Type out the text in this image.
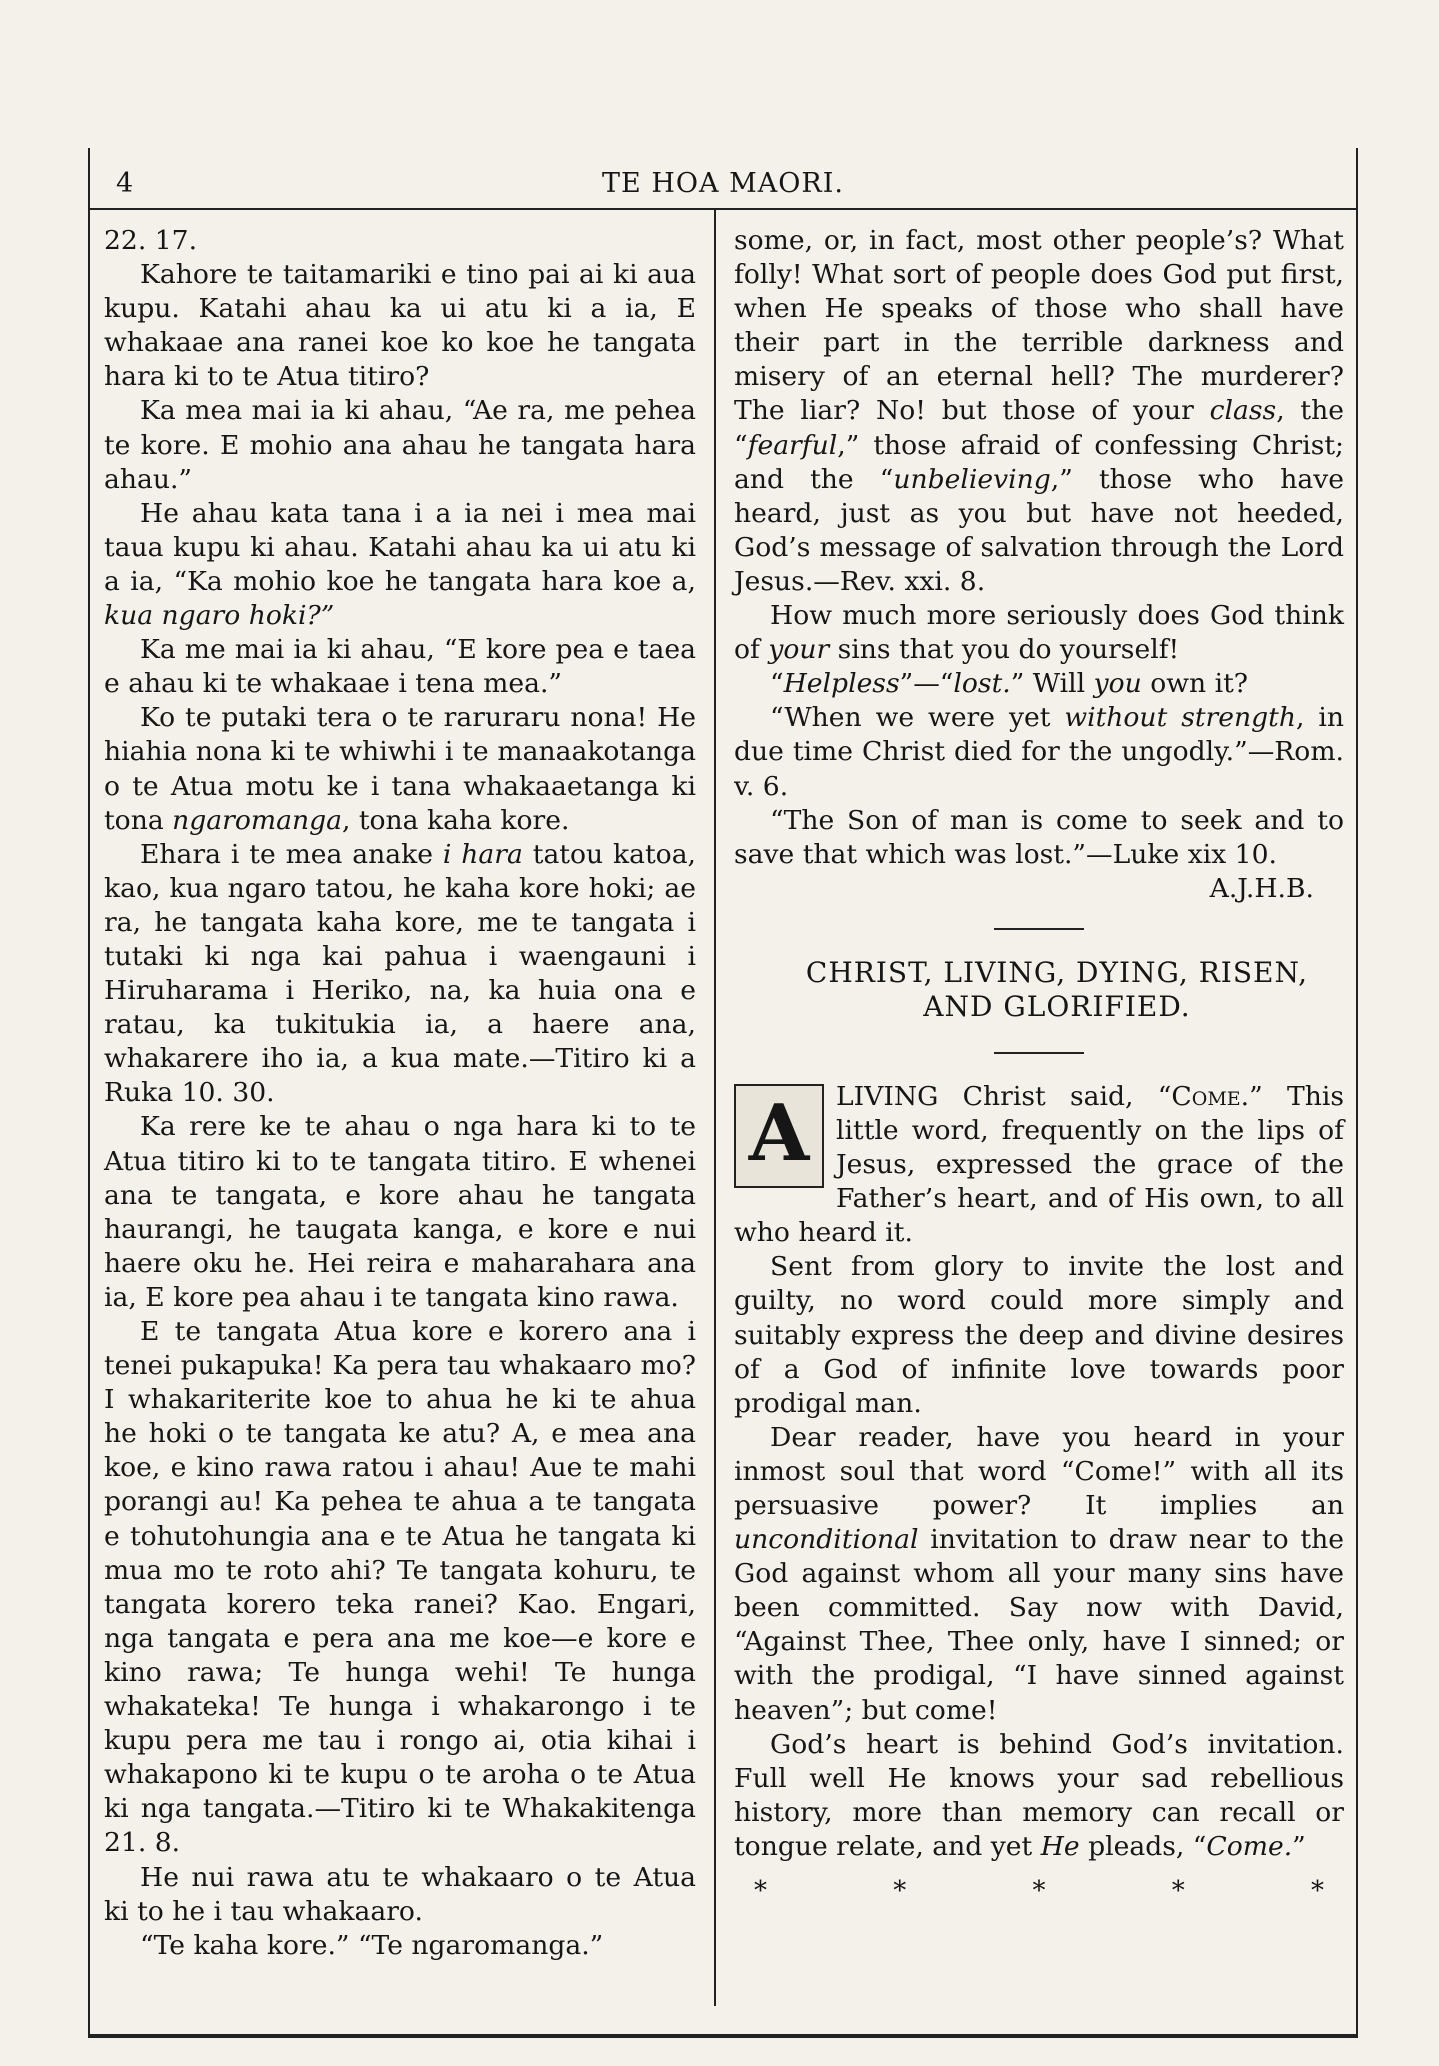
4	TE HOA MAORI.

22. 17.

Kahore te taitamariki e tino pai ai ki aua kupu. Katahi ahau ka ui atu ki a ia, E whakaae ana ranei koe ko koe he tangata hara ki to te Atua titiro?

Ka mea mai ia ki ahau, “Ae ra, me pehea te kore. E mohio ana ahau he tangata hara ahau.”

He ahau kata tana i a ia nei i mea mai taua kupu ki ahau. Katahi ahau ka ui atu ki a ia, “Ka mohio koe he tangata hara koe a, kua ngaro hoki?”

Ka me mai ia ki ahau, “E kore pea e taea e ahau ki te whakaae i tena mea.”

Ko te putaki tera o te raruraru nona! He hiahia nona ki te whiwhi i te manaakotanga o te Atua motu ke i tana whakaaetanga ki tona ngaromanga, tona kaha kore.

Ehara i te mea anake i hara tatou katoa, kao, kua ngaro tatou, he kaha kore hoki; ae ra, he tangata kaha kore, me te tangata i tutaki ki nga kai pahua i waengauni i Hiruharama i Heriko, na, ka huia ona e ratau, ka tukitukia ia, a haere ana, whakarere iho ia, a kua mate.—Titiro ki a Ruka 10. 30.

Ka rere ke te ahau o nga hara ki to te Atua titiro ki to te tangata titiro. E whenei ana te tangata, e kore ahau he tangata haurangi, he taugata kanga, e kore e nui haere oku he. Hei reira e maharahara ana ia, E kore pea ahau i te tangata kino rawa.

E te tangata Atua kore e korero ana i tenei pukapuka! Ka pera tau whakaaro mo? I whakariterite koe to ahua he ki te ahua he hoki o te tangata ke atu? A, e mea ana koe, e kino rawa ratou i ahau! Aue te mahi porangi au! Ka pehea te ahua a te tangata e tohutohungia ana e te Atua he tangata ki mua mo te roto ahi? Te tangata kohuru, te tangata korero teka ranei? Kao. Engari, nga tangata e pera ana me koe—e kore e kino rawa; Te hunga wehi! Te hunga whakateka! Te hunga i whakarongo i te kupu pera me tau i rongo ai, otia kihai i whakapono ki te kupu o te aroha o te Atua ki nga tangata.—Titiro ki te Whakakitenga 21. 8.

He nui rawa atu te whakaaro o te Atua ki to he i tau whakaaro.

“Te kaha kore.” “Te ngaromanga.”

some, or, in fact, most other people’s? What folly! What sort of people does God put first, when He speaks of those who shall have their part in the terrible darkness and misery of an eternal hell? The murderer? The liar? No! but those of your class, the “fearful,” those afraid of confessing Christ; and the “unbelieving,” those who have heard, just as you but have not heeded, God’s message of salvation through the Lord Jesus.—Rev. xxi. 8.

How much more seriously does God think of your sins that you do yourself!

“Helpless”—“lost.” Will you own it?

“When we were yet without strength, in due time Christ died for the ungodly.”—Rom. v. 6.

“The Son of man is come to seek and to save that which was lost.”—Luke xix 10.

A.J.H.B.

CHRIST, LIVING, DYING, RISEN,

AND GLORIFIED.

A	LIVING Christ said, “Come.” This little word, frequently on the lips of Jesus, expressed the grace of the Father’s heart, and of His own, to all who heard it.

Sent from glory to invite the lost and guilty, no word could more simply and suitably express the deep and divine desires of a God of infinite love towards poor prodigal man.

Dear reader, have you heard in your inmost soul that word “Come!” with all its persuasive power? It implies an unconditional invitation to draw near to the God against whom all your many sins have been committed. Say now with David, “Against Thee, Thee only, have I sinned; or with the prodigal, “I have sinned against heaven”; but come!

God’s heart is behind God’s invitation. Full well He knows your sad rebellious history, more than memory can recall or tongue relate, and yet He pleads, “Come.”

*	*	*	*	*
